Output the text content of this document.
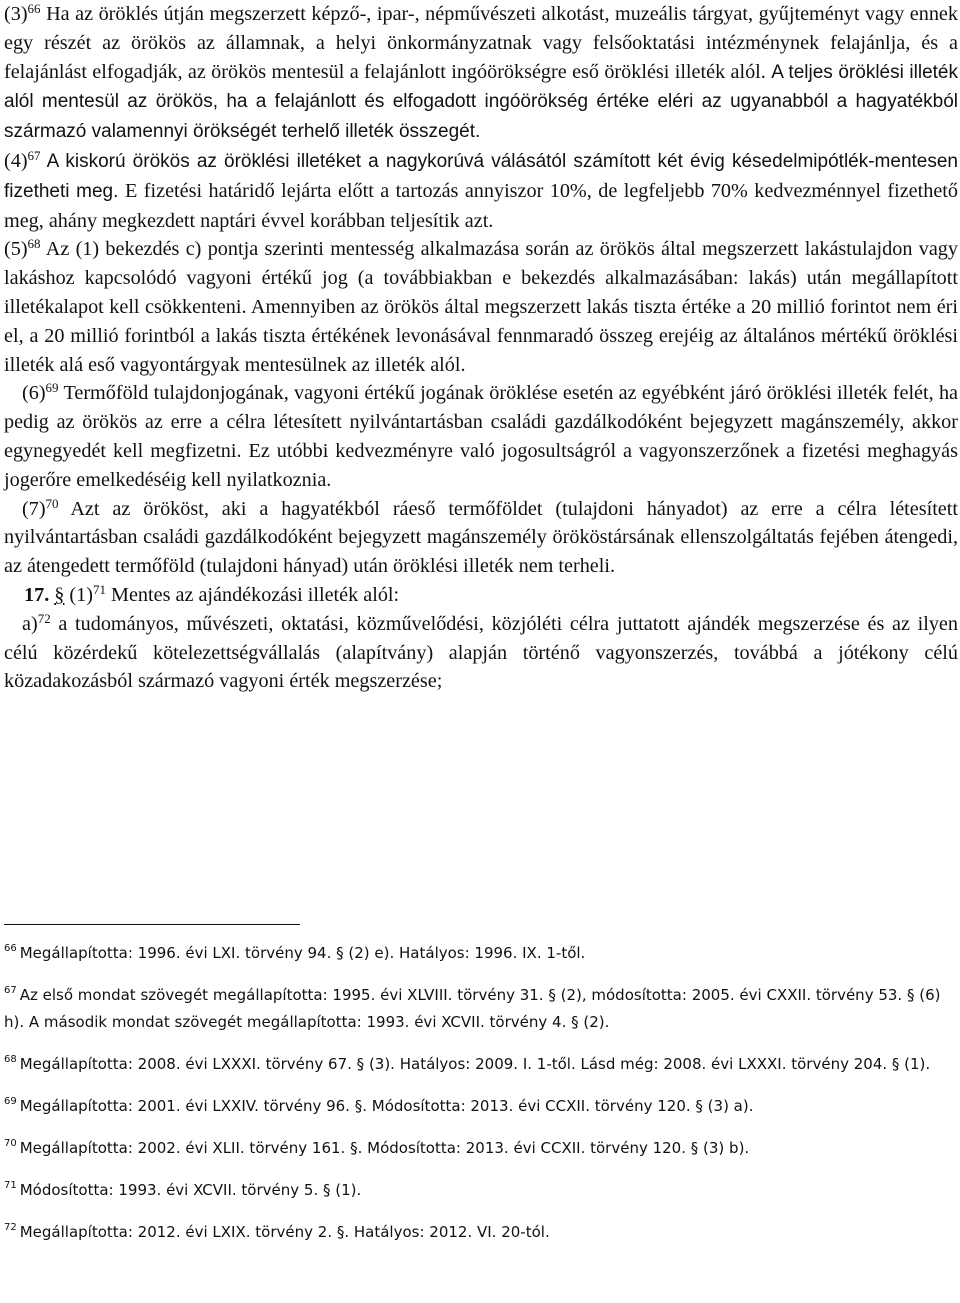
$(3)^{66}$ Ha az öröklés útján megszerzett képző-, ipar-, népművészeti alkotást, muzeális tárgyat, gyűjteményt vagy ennek egy részét az örökös az államnak, a helyi önkormányzatnak vagy felsőoktatási intézménynek felajánlja, és a felajánlást elfogadják, az örökös mentesül a felajánlott ingóörökségre eső öröklési illeték alól. A teljes öröklési illeték alól mentesül az örökös, ha a felajánlott és elfogadott ingóörökség értéke eléri az ugyanabból a hagyatékból származó valamennyi örökségét terhelő illeték összegét.

$(4)^{67}$ A kiskorú örökös az öröklési illetéket a nagykorúvá válásától számított két évig késedelmipótlék-mentesen fizetheti meg. E fizetési határidő lejárta előtt a tartozás annyiszor 10%, de legfeljebb 70% kedvezménnyel fizethető meg, ahány megkezdett naptári évvel korábban teljesítik azt.

$(5)^{68}$ Az (1) bekezdés c) pontja szerinti mentesség alkalmazása során az örökös által megszerzett lakástulajdon vagy lakáshoz kapcsolódó vagyoni értékű jog (a továbbiakban e bekezdés alkalmazásában: lakás) után megállapított illetékalapot kell csökkenteni. Amennyiben az örökös által megszerzett lakás tiszta értéke a 20 millió forintot nem éri el, a 20 millió forintból a lakás tiszta értékének levonásával fennmaradó összeg erejéig az általános mértékű öröklési illeték alá eső vagyontárgyak mentesülnek az illeték alól.

$(6)^{69}$ Termőföld tulajdonjogának, vagyoni értékű jogának öröklése esetén az egyébként járó öröklési illeték felét, ha pedig az örökös az erre a célra létesített nyilvántartásban családi gazdálkodóként bejegyzett magánszemély, akkor egynegyedét kell megfizetni. Ez utóbbi kedvezményre való jogosultságról a vagyonszerzőnek a fizetési meghagyás jogerőre emelkedéséig kell nyilatkoznia.

$(7)^{70}$ Azt az örököst, aki a hagyatékból ráeső termőföldet (tulajdoni hányadot) az erre a célra létesített nyilvántartásban családi gazdálkodóként bejegyzett magánszemély örököstársának ellenszolgáltatás fejében átengedi, az átengedett termőföld (tulajdoni hányad) után öröklési illeték nem terheli.

17. § $(1)^{71}$ Mentes az ajándékozási illeték alól:

a)$^{72}$ a tudományos, művészeti, oktatási, közművelődési, közjóléti célra juttatott ajándék megszerzése és az ilyen célú közérdekű kötelezettségvállalás (alapítvány) alapján történő vagyonszerzés, továbbá a jótékony célú közadakozásból származó vagyoni érték megszerzése;

$^{66}$ Megállapította: 1996. évi LXI. törvény 94. § (2) e). Hatályos: 1996. IX. 1-től.

$^{67}$ Az első mondat szövegét megállapította: 1995. évi XLVIII. törvény 31. § (2), módosította: 2005. évi CXXII. törvény 53. § (6) h). A második mondat szövegét megállapította: 1993. évi XCVII. törvény 4. § (2).

$^{68}$ Megállapította: 2008. évi LXXXI. törvény 67. § (3). Hatályos: 2009. I. 1-től. Lásd még: 2008. évi LXXXI. törvény 204. § (1).

$^{69}$ Megállapította: 2001. évi LXXIV. törvény 96. §. Módosította: 2013. évi CCXII. törvény 120. § (3) a).

$^{70}$ Megállapította: 2002. évi XLII. törvény 161. §. Módosította: 2013. évi CCXII. törvény 120. § (3) b).

$^{71}$ Módosította: 1993. évi XCVII. törvény 5. § (1).

$^{72}$ Megállapította: 2012. évi LXIX. törvény 2. §. Hatályos: 2012. VI. 20-tól.
